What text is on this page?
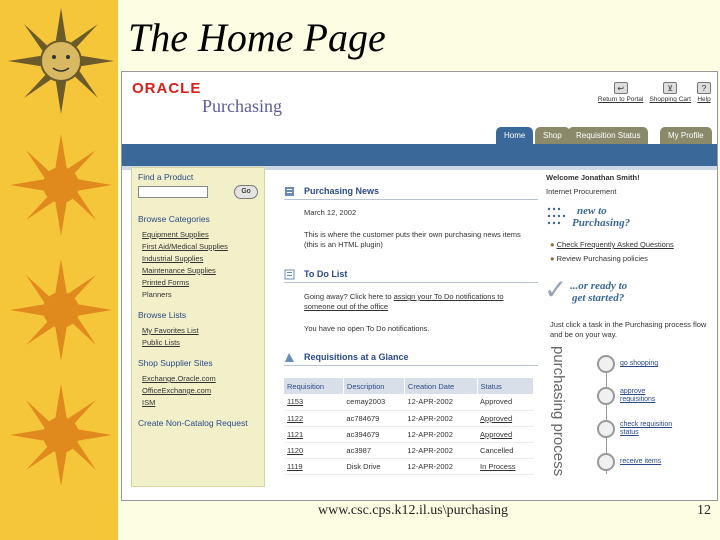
The Home Page
ORACLE
Purchasing
↩
Return to Portal
⊻
Shopping Cart
?
Help
Home	Shop	Requisition Status	My Profile
Find a Product
Go
Browse Categories
Equipment Supplies
First Aid/Medical Supplies
Industrial Supplies
Maintenance Supplies
Printed Forms
Planners
Browse Lists
My Favorites List
Public Lists
Shop Supplier Sites
Exchange.Oracle.com
OfficeExchange.com
ISM
Create Non-Catalog Request
Purchasing News
March 12, 2002
This is where the customer puts their own purchasing news items (this is an HTML plugin)
To Do List
Going away? Click here to assign your To Do notifications to someone out of the office
You have no open To Do notifications.
Requisitions at a Glance
Requisition	Description	Creation Date	Status
1153	cemay2003	12-APR-2002	Approved
1122	ac784679	12-APR-2002	Approved
1121	ac394679	12-APR-2002	Approved
1120	ac3987	12-APR-2002	Cancelled
1119	Disk Drive	12-APR-2002	In Process
Welcome Jonathan Smith!
Internet Procurement
new to
Purchasing?
● Check Frequently Asked Questions
● Review Purchasing policies
✓ ...or ready to
get started?
Just click a task in the Purchasing process flow and be on your way.
purchasing process	go shopping
approve requisitions
check requisition status
receive items
www.csc.cps.k12.il.us\purchasing	12
